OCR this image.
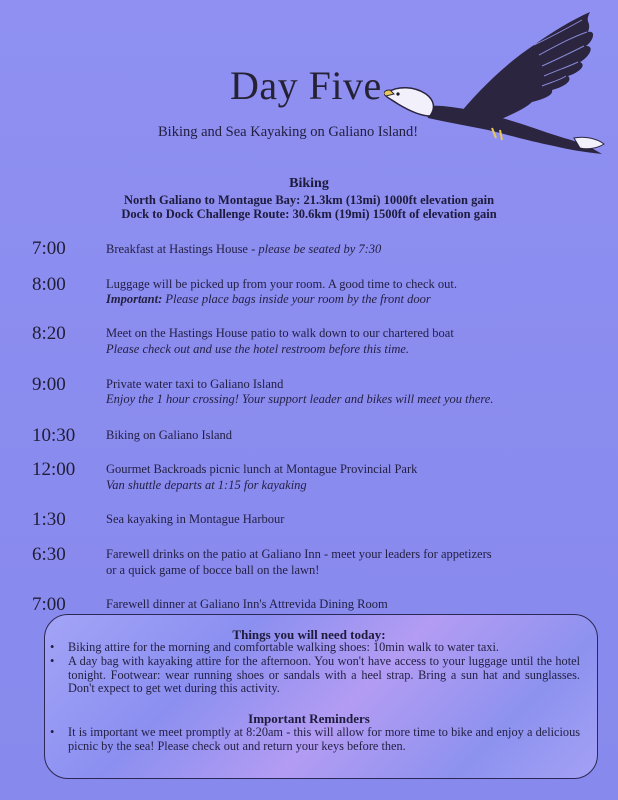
Day Five
Biking and Sea Kayaking on Galiano Island!
Biking
North Galiano to Montague Bay: 21.3km (13mi) 1000ft elevation gain
Dock to Dock Challenge Route: 30.6km (19mi) 1500ft of elevation gain
7:00	Breakfast at Hastings House - please be seated by 7:30
8:00	Luggage will be picked up from your room. A good time to check out.
Important: Please place bags inside your room by the front door
8:20	Meet on the Hastings House patio to walk down to our chartered boat
Please check out and use the hotel restroom before this time.
9:00	Private water taxi to Galiano Island
Enjoy the 1 hour crossing! Your support leader and bikes will meet you there.
10:30 Biking on Galiano Island
12:00 Gourmet Backroads picnic lunch at Montague Provincial Park
Van shuttle departs at 1:15 for kayaking
1:30	Sea kayaking in Montague Harbour
6:30	Farewell drinks on the patio at Galiano Inn - meet your leaders for appetizers
or a quick game of bocce ball on the lawn!
7:00	Farewell dinner at Galiano Inn's Attrevida Dining Room
Things you will need today:
• Biking attire for the morning and comfortable walking shoes: 10min walk to water taxi.
• A day bag with kayaking attire for the afternoon. You won't have access to your luggage until the hotel tonight. Footwear: wear running shoes or sandals with a heel strap. Bring a sun hat and sunglasses. Don't expect to get wet during this activity.
Important Reminders
• It is important we meet promptly at 8:20am - this will allow for more time to bike and enjoy a delicious picnic by the sea! Please check out and return your keys before then.
